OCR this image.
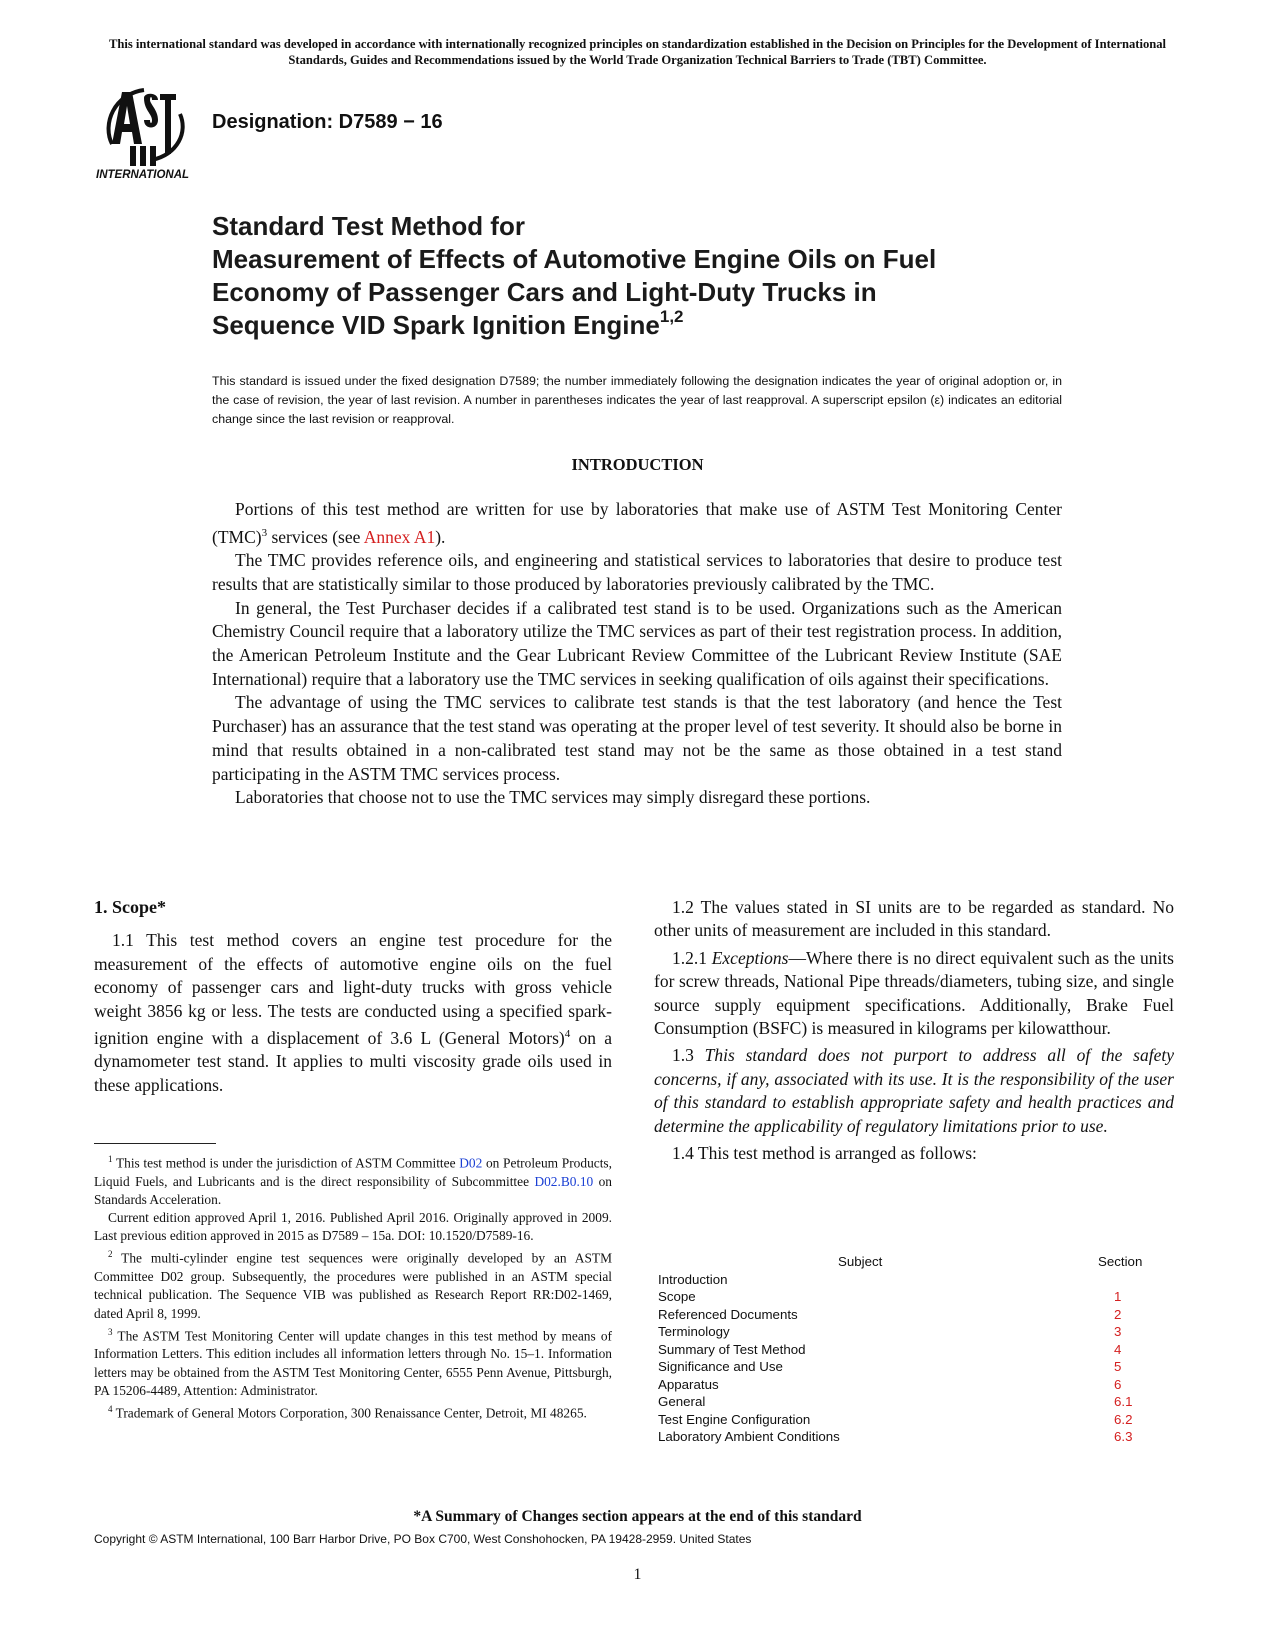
This international standard was developed in accordance with internationally recognized principles on standardization established in the Decision on Principles for the Development of International Standards, Guides and Recommendations issued by the World Trade Organization Technical Barriers to Trade (TBT) Committee.
INTERNATIONAL
Designation: D7589 − 16
Standard Test Method for
Measurement of Effects of Automotive Engine Oils on Fuel
Economy of Passenger Cars and Light-Duty Trucks in
Sequence VID Spark Ignition Engine$^{1,2}$
This standard is issued under the fixed designation D7589; the number immediately following the designation indicates the year of original adoption or, in the case of revision, the year of last revision. A number in parentheses indicates the year of last reapproval. A superscript epsilon (ε) indicates an editorial change since the last revision or reapproval.
INTRODUCTION

Portions of this test method are written for use by laboratories that make use of ASTM Test Monitoring Center (TMC)$^3$ services (see Annex A1).

The TMC provides reference oils, and engineering and statistical services to laboratories that desire to produce test results that are statistically similar to those produced by laboratories previously calibrated by the TMC.

In general, the Test Purchaser decides if a calibrated test stand is to be used. Organizations such as the American Chemistry Council require that a laboratory utilize the TMC services as part of their test registration process. In addition, the American Petroleum Institute and the Gear Lubricant Review Committee of the Lubricant Review Institute (SAE International) require that a laboratory use the TMC services in seeking qualification of oils against their specifications.

The advantage of using the TMC services to calibrate test stands is that the test laboratory (and hence the Test Purchaser) has an assurance that the test stand was operating at the proper level of test severity. It should also be borne in mind that results obtained in a non-calibrated test stand may not be the same as those obtained in a test stand participating in the ASTM TMC services process.

Laboratories that choose not to use the TMC services may simply disregard these portions.

1. Scope*

1.1 This test method covers an engine test procedure for the measurement of the effects of automotive engine oils on the fuel economy of passenger cars and light-duty trucks with gross vehicle weight 3856 kg or less. The tests are conducted using a specified spark-ignition engine with a displacement of 3.6 L (General Motors)$^4$ on a dynamometer test stand. It applies to multi viscosity grade oils used in these applications.

$^1$ This test method is under the jurisdiction of ASTM Committee D02 on Petroleum Products, Liquid Fuels, and Lubricants and is the direct responsibility of Subcommittee D02.B0.10 on Standards Acceleration.

Current edition approved April 1, 2016. Published April 2016. Originally approved in 2009. Last previous edition approved in 2015 as D7589 – 15a. DOI: 10.1520/D7589-16.

$^2$ The multi-cylinder engine test sequences were originally developed by an ASTM Committee D02 group. Subsequently, the procedures were published in an ASTM special technical publication. The Sequence VIB was published as Research Report RR:D02-1469, dated April 8, 1999.

$^3$ The ASTM Test Monitoring Center will update changes in this test method by means of Information Letters. This edition includes all information letters through No. 15–1. Information letters may be obtained from the ASTM Test Monitoring Center, 6555 Penn Avenue, Pittsburgh, PA 15206-4489, Attention: Administrator.

$^4$ Trademark of General Motors Corporation, 300 Renaissance Center, Detroit, MI 48265.

1.2 The values stated in SI units are to be regarded as standard. No other units of measurement are included in this standard.

1.2.1 Exceptions—Where there is no direct equivalent such as the units for screw threads, National Pipe threads/diameters, tubing size, and single source supply equipment specifications. Additionally, Brake Fuel Consumption (BSFC) is measured in kilograms per kilowatthour.

1.3 This standard does not purport to address all of the safety concerns, if any, associated with its use. It is the responsibility of the user of this standard to establish appropriate safety and health practices and determine the applicability of regulatory limitations prior to use.

1.4 This test method is arranged as follows:

Subject	Section
Introduction
Scope	1
Referenced Documents	2
Terminology	3
Summary of Test Method	4
Significance and Use	5
Apparatus	6
General	6.1
Test Engine Configuration	6.2
Laboratory Ambient Conditions	6.3
*A Summary of Changes section appears at the end of this standard
Copyright © ASTM International, 100 Barr Harbor Drive, PO Box C700, West Conshohocken, PA 19428-2959. United States
1
